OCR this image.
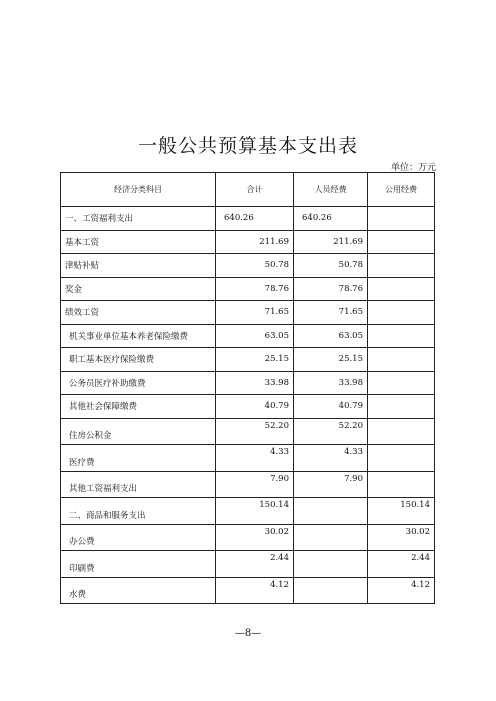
一般公共预算基本支出表
单位：万元
经济分类科目	合计	人员经费	公用经费
一、工资福利支出	640.26	640.26	
基本工资	211.69	211.69	
津贴补贴	50.78	50.78	
奖金	78.76	78.76	
绩效工资	71.65	71.65	
机关事业单位基本养老保险缴费	63.05	63.05	
职工基本医疗保险缴费	25.15	25.15	
公务员医疗补助缴费	33.98	33.98	
其他社会保障缴费	40.79	40.79	
住房公积金	52.20	52.20	
医疗费	4.33	4.33	
其他工资福利支出	7.90	7.90	
二、商品和服务支出	150.14		150.14
办公费	30.02		30.02
印刷费	2.44		2.44
水费	4.12		4.12
—8—
